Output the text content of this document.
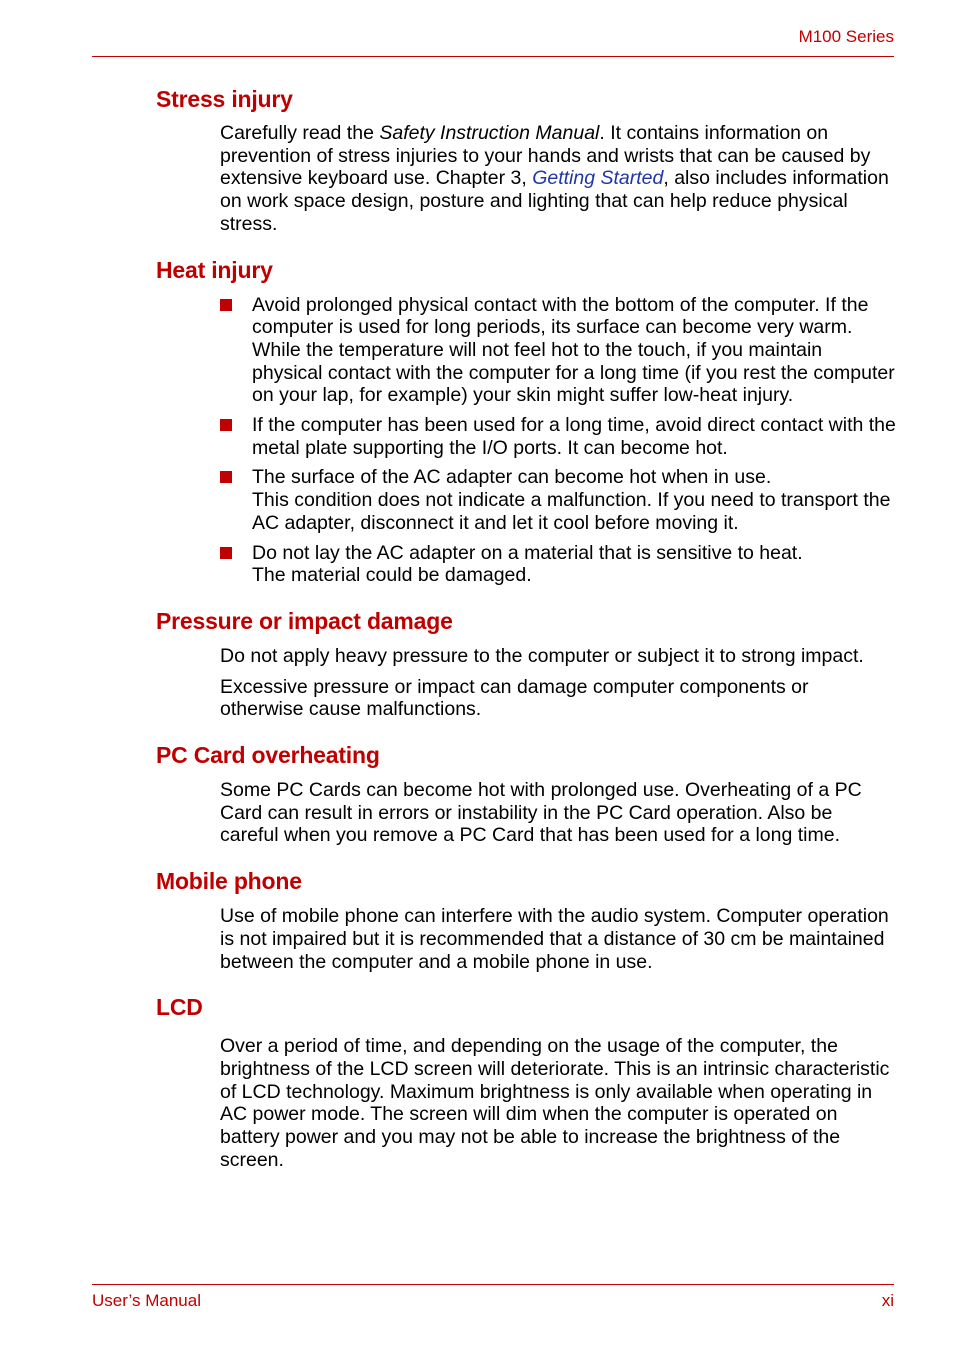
M100 Series
Stress injury

Carefully read the Safety Instruction Manual. It contains information on prevention of stress injuries to your hands and wrists that can be caused by extensive keyboard use. Chapter 3, Getting Started, also includes information on work space design, posture and lighting that can help reduce physical stress.

Heat injury
Avoid prolonged physical contact with the bottom of the computer. If the computer is used for long periods, its surface can become very warm. While the temperature will not feel hot to the touch, if you maintain physical contact with the computer for a long time (if you rest the computer on your lap, for example) your skin might suffer low-heat injury.
If the computer has been used for a long time, avoid direct contact with the metal plate supporting the I/O ports. It can become hot.
The surface of the AC adapter can become hot when in use.
This condition does not indicate a malfunction. If you need to transport the AC adapter, disconnect it and let it cool before moving it.
Do not lay the AC adapter on a material that is sensitive to heat.
The material could be damaged.
Pressure or impact damage

Do not apply heavy pressure to the computer or subject it to strong impact.

Excessive pressure or impact can damage computer components or otherwise cause malfunctions.

PC Card overheating

Some PC Cards can become hot with prolonged use. Overheating of a PC Card can result in errors or instability in the PC Card operation. Also be careful when you remove a PC Card that has been used for a long time.

Mobile phone

Use of mobile phone can interfere with the audio system. Computer operation is not impaired but it is recommended that a distance of 30 cm be maintained between the computer and a mobile phone in use.

LCD

Over a period of time, and depending on the usage of the computer, the brightness of the LCD screen will deteriorate. This is an intrinsic characteristic of LCD technology. Maximum brightness is only available when operating in AC power mode. The screen will dim when the computer is operated on battery power and you may not be able to increase the brightness of the screen.

User’s Manual	xi
